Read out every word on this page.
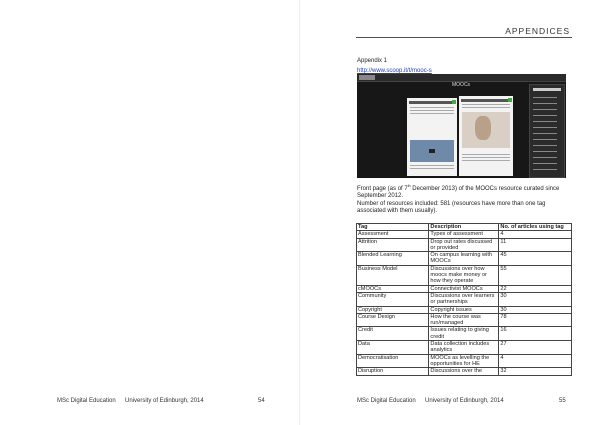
MSc Digital Education University of Edinburgh, 2014	54
APPENDICES
Appendix 1
http://www.scoop.it/t/mooc-s
MOOCs
Front page (as of 7th December 2013) of the MOOCs resource curated since September 2012.
Number of resources included: 581 (resources have more than one tag associated with them usually).
Tag	Description	No. of articles using tag
Assessment	Types of assessment	4
Attrition	Drop out rates discussed or provided	11
Blended Learning	On campus learning with MOOCs	45
Business Model	Discussions over how moocs make money or how they operate	55
cMOOCs	Connectivist MOOCs	22
Community	Discussions over learners or partnerships	30
Copyright	Copyright issues	30
Course Design	How the course was run/managed	78
Credit	Issues relating to giving credit	16
Data	Data collection includes analytics	27
Democratisation	MOOCs as levelling the opportunities for HE	4
Disruption	Discussions over the	32
MSc Digital Education University of Edinburgh, 2014	55
